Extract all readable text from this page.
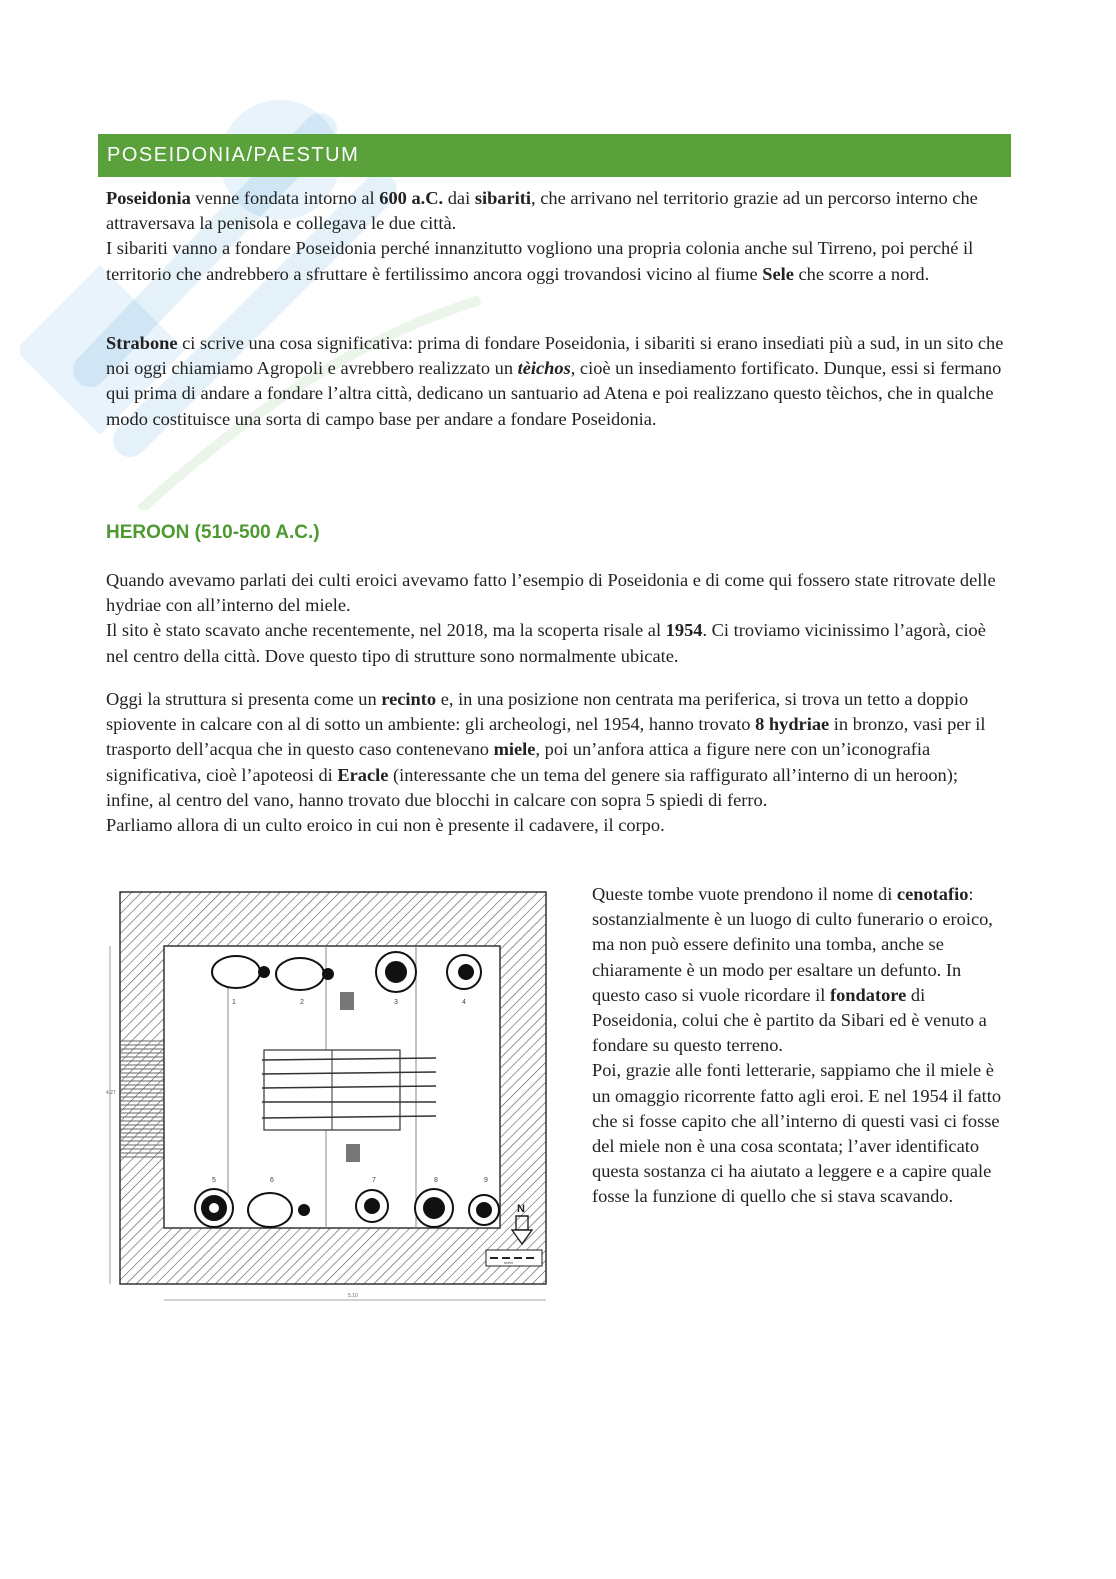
POSEIDONIA/PAESTUM

Poseidonia venne fondata intorno al 600 a.C. dai sibariti, che arrivano nel territorio grazie ad un percorso interno che attraversava la penisola e collegava le due città.
I sibariti vanno a fondare Poseidonia perché innanzitutto vogliono una propria colonia anche sul Tirreno, poi perché il territorio che andrebbero a sfruttare è fertilissimo ancora oggi trovandosi vicino al fiume Sele che scorre a nord.

Strabone ci scrive una cosa significativa: prima di fondare Poseidonia, i sibariti si erano insediati più a sud, in un sito che noi oggi chiamiamo Agropoli e avrebbero realizzato un tèichos, cioè un insediamento fortificato. Dunque, essi si fermano qui prima di andare a fondare l’altra città, dedicano un santuario ad Atena e poi realizzano questo tèichos, che in qualche modo costituisce una sorta di campo base per andare a fondare Poseidonia.

HEROON (510-500 A.C.)

Quando avevamo parlati dei culti eroici avevamo fatto l’esempio di Poseidonia e di come qui fossero state ritrovate delle hydriae con all’interno del miele.
Il sito è stato scavato anche recentemente, nel 2018, ma la scoperta risale al 1954. Ci troviamo vicinissimo l’agorà, cioè nel centro della città. Dove questo tipo di strutture sono normalmente ubicate.

Oggi la struttura si presenta come un recinto e, in una posizione non centrata ma periferica, si trova un tetto a doppio spiovente in calcare con al di sotto un ambiente: gli archeologi, nel 1954, hanno trovato 8 hydriae in bronzo, vasi per il trasporto dell’acqua che in questo caso contenevano miele, poi un’anfora attica a figure nere con un’iconografia significativa, cioè l’apoteosi di Eracle (interessante che un tema del genere sia raffigurato all’interno di un heroon); infine, al centro del vano, hanno trovato due blocchi in calcare con sopra 5 spiedi di ferro.
Parliamo allora di un culto eroico in cui non è presente il cadavere, il corpo.

1	2	3	4
5	6	7	8	9
N
metri
4.27
5.10

Queste tombe vuote prendono il nome di cenotafio: sostanzialmente è un luogo di culto funerario o eroico, ma non può essere definito una tomba, anche se chiaramente è un modo per esaltare un defunto. In questo caso si vuole ricordare il fondatore di Poseidonia, colui che è partito da Sibari ed è venuto a fondare su questo terreno.
Poi, grazie alle fonti letterarie, sappiamo che il miele è un omaggio ricorrente fatto agli eroi. E nel 1954 il fatto che si fosse capito che all’interno di questi vasi ci fosse del miele non è una cosa scontata; l’aver identificato questa sostanza ci ha aiutato a leggere e a capire quale fosse la funzione di quello che si stava scavando.
